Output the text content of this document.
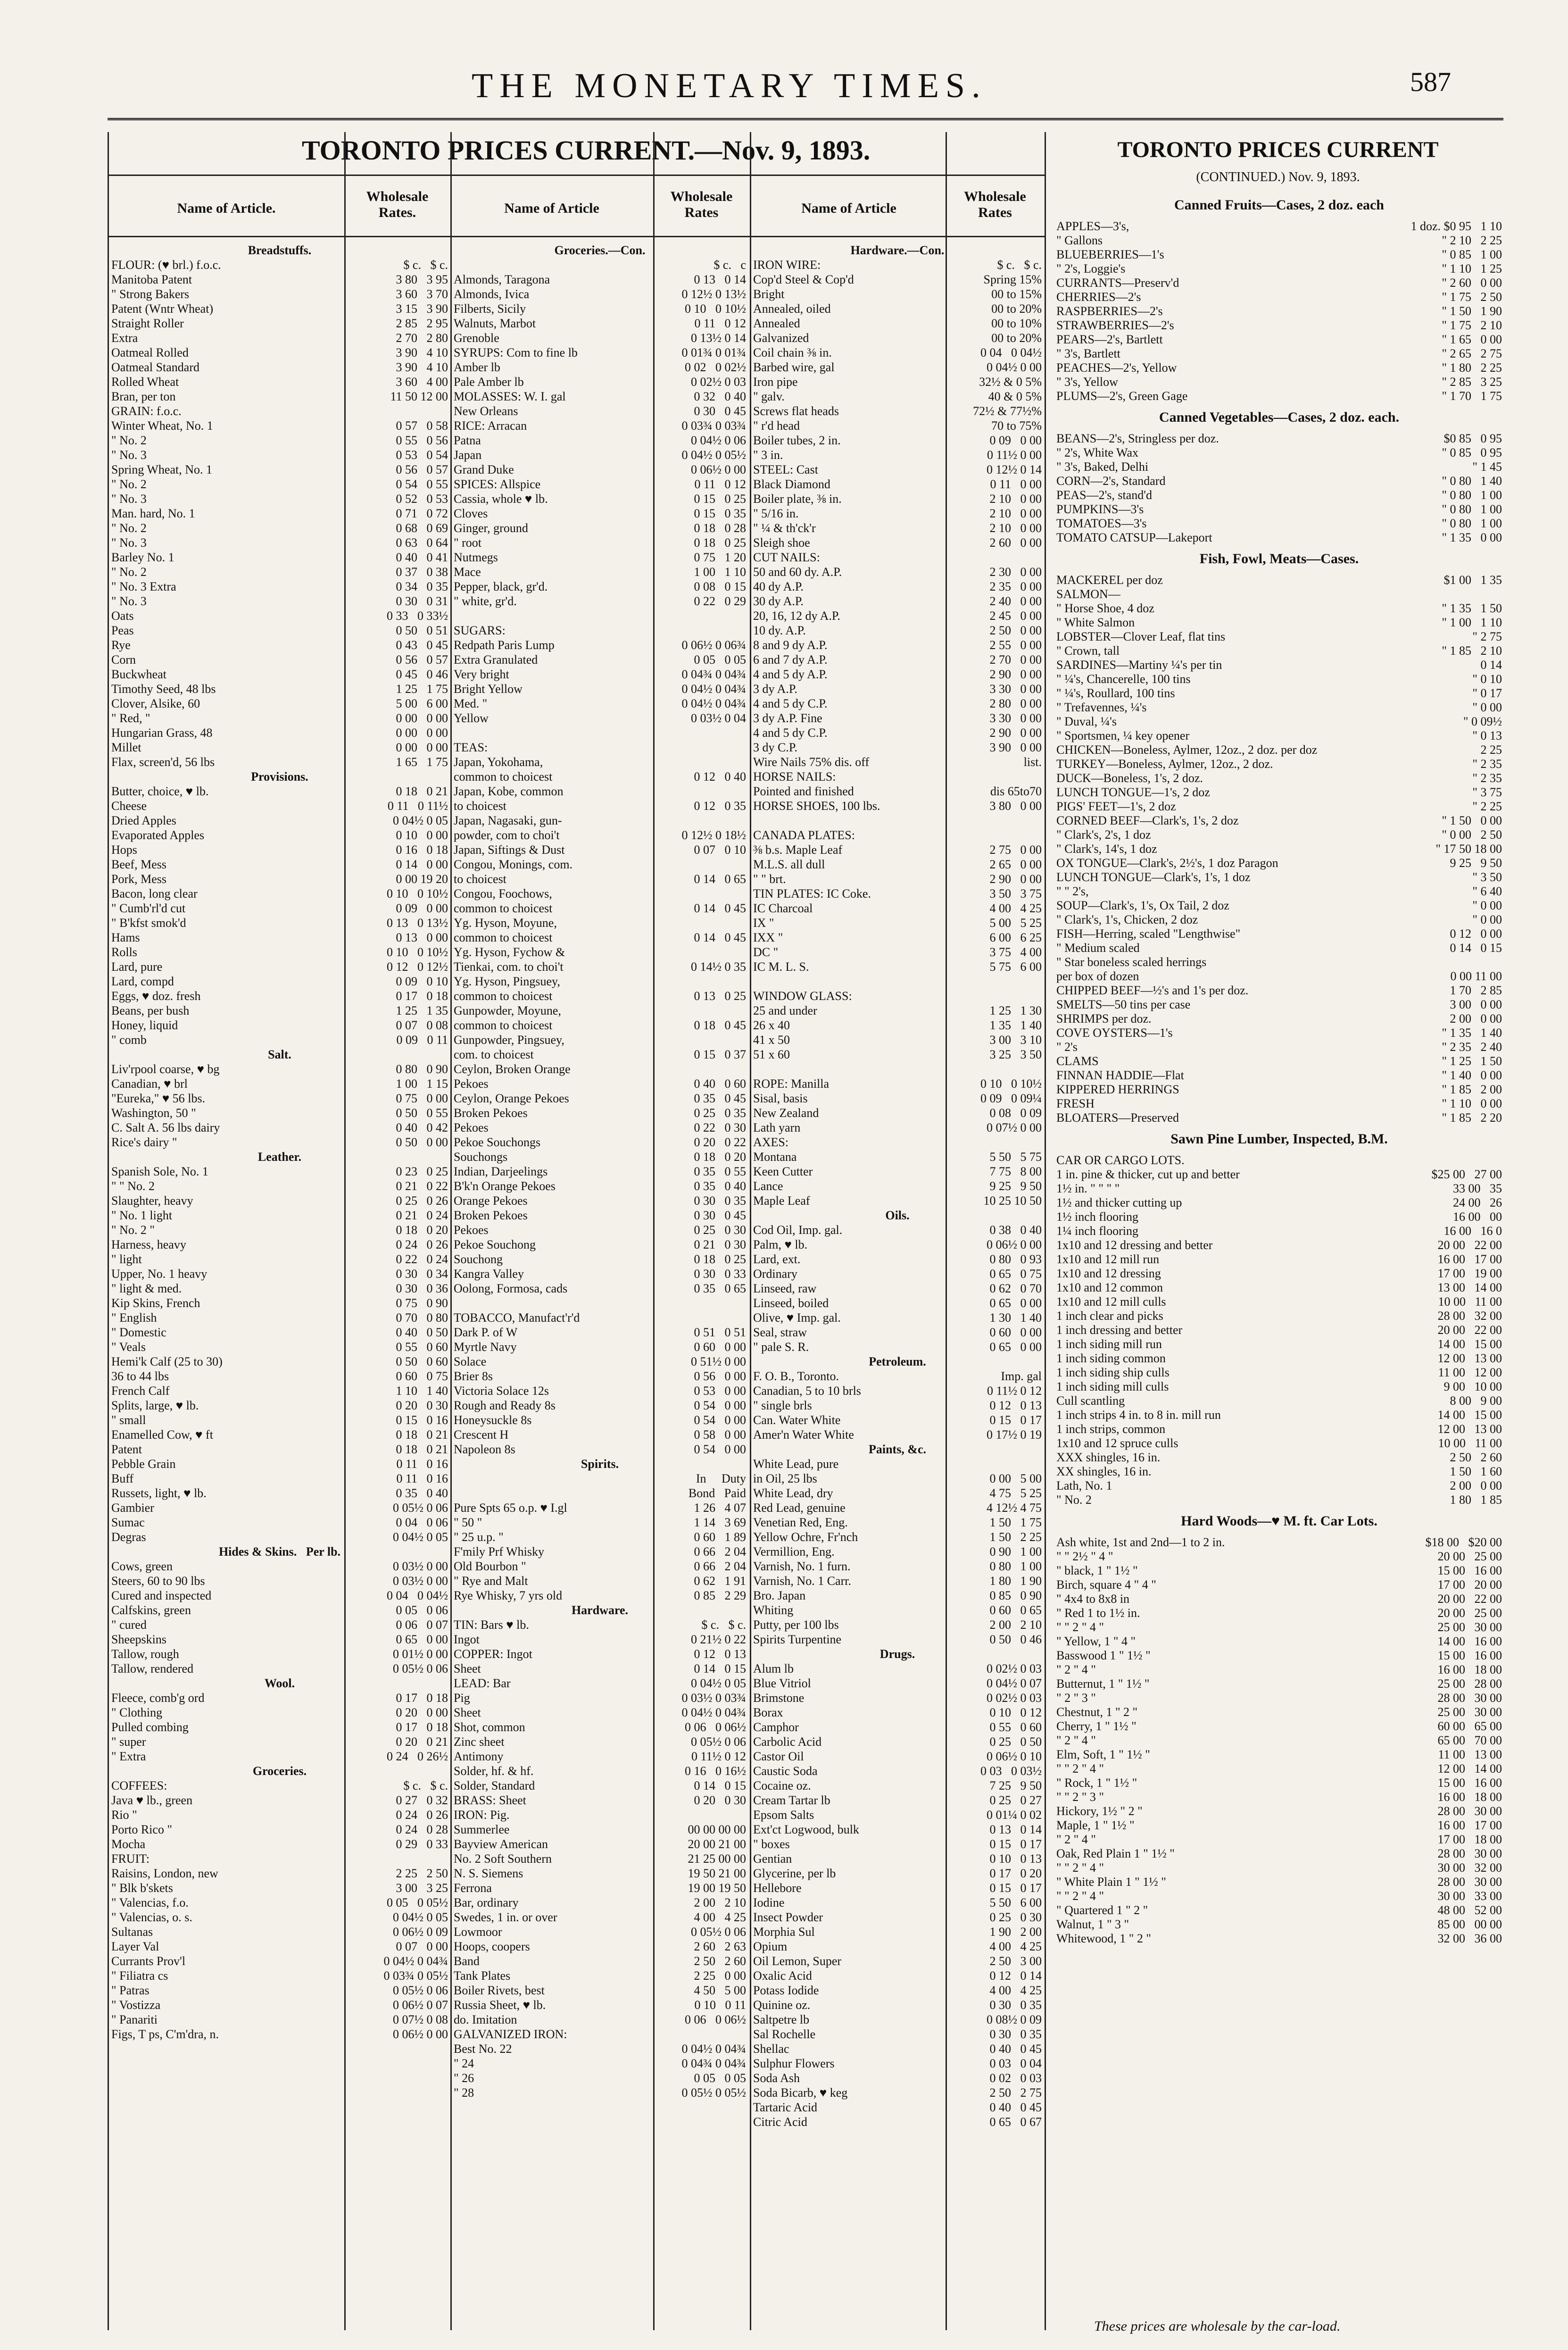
THE MONETARY TIMES.	587
TORONTO PRICES CURRENT.—Nov. 9, 1893.
Name of Article.
Wholesale Rates.	Name of Article
Wholesale Rates	Name of Article
Wholesale Rates
Breadstuffs.
FLOUR: (♥ brl.) f.o.c.	$ c.   $ c.
Manitoba Patent	3 80   3 95
" Strong Bakers	3 60   3 70
Patent (Wntr Wheat)	3 15   3 90
Straight Roller	2 85   2 95
Extra	2 70   2 80
Oatmeal Rolled	3 90   4 10
Oatmeal Standard	3 90   4 10
Rolled Wheat	3 60   4 00
Bran, per ton	11 50 12 00
GRAIN: f.o.c.
Winter Wheat, No. 1	0 57   0 58
" No. 2	0 55   0 56
" No. 3	0 53   0 54
Spring Wheat, No. 1	0 56   0 57
" No. 2	0 54   0 55
" No. 3	0 52   0 53
Man. hard, No. 1	0 71   0 72
" No. 2	0 68   0 69
" No. 3	0 63   0 64
Barley No. 1	0 40   0 41
" No. 2	0 37   0 38
" No. 3 Extra	0 34   0 35
" No. 3	0 30   0 31
Oats	0 33   0 33½
Peas	0 50   0 51
Rye	0 43   0 45
Corn	0 56   0 57
Buckwheat	0 45   0 46
Timothy Seed, 48 lbs	1 25   1 75
Clover, Alsike, 60	5 00   6 00
" Red, "	0 00   0 00
Hungarian Grass, 48	0 00   0 00
Millet	0 00   0 00
Flax, screen'd, 56 lbs	1 65   1 75
Provisions.
Butter, choice, ♥ lb.	0 18   0 21
Cheese	0 11   0 11½
Dried Apples	0 04½ 0 05
Evaporated Apples	0 10   0 00
Hops	0 16   0 18
Beef, Mess	0 14   0 00
Pork, Mess	0 00 19 20
Bacon, long clear	0 10   0 10½
" Cumb'rl'd cut	0 09   0 00
" B'kfst smok'd	0 13   0 13½
Hams	0 13   0 00
Rolls	0 10   0 10½
Lard, pure	0 12   0 12½
Lard, compd	0 09   0 10
Eggs, ♥ doz. fresh	0 17   0 18
Beans, per bush	1 25   1 35
Honey, liquid	0 07   0 08
" comb	0 09   0 11
Salt.
Liv'rpool coarse, ♥ bg	0 80   0 90
Canadian, ♥ brl	1 00   1 15
"Eureka," ♥ 56 lbs.	0 75   0 00
Washington, 50 "	0 50   0 55
C. Salt A. 56 lbs dairy	0 40   0 42
Rice's dairy "	0 50   0 00
Leather.
Spanish Sole, No. 1	0 23   0 25
" " No. 2	0 21   0 22
Slaughter, heavy	0 25   0 26
" No. 1 light	0 21   0 24
" No. 2 "	0 18   0 20
Harness, heavy	0 24   0 26
" light	0 22   0 24
Upper, No. 1 heavy	0 30   0 34
" light & med.	0 30   0 36
Kip Skins, French	0 75   0 90
" English	0 70   0 80
" Domestic	0 40   0 50
" Veals	0 55   0 60
Hemi'k Calf (25 to 30)	0 50   0 60
36 to 44 lbs	0 60   0 75
French Calf	1 10   1 40
Splits, large, ♥ lb.	0 20   0 30
" small	0 15   0 16
Enamelled Cow, ♥ ft	0 18   0 21
Patent	0 18   0 21
Pebble Grain	0 11   0 16
Buff	0 11   0 16
Russets, light, ♥ lb.	0 35   0 40
Gambier	0 05½ 0 06
Sumac	0 04   0 06
Degras	0 04½ 0 05
Hides & Skins.   Per lb.
Cows, green	0 03½ 0 00
Steers, 60 to 90 lbs	0 03½ 0 00
Cured and inspected	0 04   0 04½
Calfskins, green	0 05   0 06
" cured	0 06   0 07
Sheepskins	0 65   0 00
Tallow, rough	0 01½ 0 00
Tallow, rendered	0 05½ 0 06
Wool.
Fleece, comb'g ord	0 17   0 18
" Clothing	0 20   0 00
Pulled combing	0 17   0 18
" super	0 20   0 21
" Extra	0 24   0 26½
Groceries.
COFFEES:	$ c.   $ c.
Java ♥ lb., green	0 27   0 32
Rio "	0 24   0 26
Porto Rico "	0 24   0 28
Mocha	0 29   0 33
FRUIT:
Raisins, London, new	2 25   2 50
" Blk b'skets	3 00   3 25
" Valencias, f.o.	0 05   0 05½
" Valencias, o. s.	0 04½ 0 05
Sultanas	0 06½ 0 09
Layer Val	0 07   0 00
Currants Prov'l	0 04½ 0 04¾
" Filiatra cs	0 03¾ 0 05½
" Patras	0 05½ 0 06
" Vostizza	0 06½ 0 07
" Panariti	0 07½ 0 08
Figs, T ps, C'm'dra, n.	0 06½ 0 00
Groceries.—Con.
$ c.   c
Almonds, Taragona	0 13   0 14
Almonds, Ivica	0 12½ 0 13½
Filberts, Sicily	0 10   0 10½
Walnuts, Marbot	0 11   0 12
Grenoble	0 13½ 0 14
SYRUPS: Com to fine lb	0 01¾ 0 01¾
Amber lb	0 02   0 02½
Pale Amber lb	0 02½ 0 03
MOLASSES: W. I. gal	0 32   0 40
New Orleans	0 30   0 45
RICE: Arracan	0 03¾ 0 03¾
Patna	0 04½ 0 06
Japan	0 04½ 0 05½
Grand Duke	0 06½ 0 00
SPICES: Allspice	0 11   0 12
Cassia, whole ♥ lb.	0 15   0 25
Cloves	0 15   0 35
Ginger, ground	0 18   0 28
" root	0 18   0 25
Nutmegs	0 75   1 20
Mace	1 00   1 10
Pepper, black, gr'd.	0 08   0 15
" white, gr'd.	0 22   0 29
SUGARS:
Redpath Paris Lump	0 06½ 0 06¾
Extra Granulated	0 05   0 05
Very bright	0 04¾ 0 04¾
Bright Yellow	0 04½ 0 04¾
Med. "	0 04½ 0 04¾
Yellow	0 03½ 0 04
TEAS:
Japan, Yokohama,
common to choicest	0 12   0 40
Japan, Kobe, common
to choicest	0 12   0 35
Japan, Nagasaki, gun-
powder, com to choi't	0 12½ 0 18½
Japan, Siftings & Dust	0 07   0 10
Congou, Monings, com.
to choicest	0 14   0 65
Congou, Foochows,
common to choicest	0 14   0 45
Yg. Hyson, Moyune,
common to choicest	0 14   0 45
Yg. Hyson, Fychow &
Tienkai, com. to choi't	0 14½ 0 35
Yg. Hyson, Pingsuey,
common to choicest	0 13   0 25
Gunpowder, Moyune,
common to choicest	0 18   0 45
Gunpowder, Pingsuey,
com. to choicest	0 15   0 37
Ceylon, Broken Orange
Pekoes	0 40   0 60
Ceylon, Orange Pekoes	0 35   0 45
Broken Pekoes	0 25   0 35
Pekoes	0 22   0 30
Pekoe Souchongs	0 20   0 22
Souchongs	0 18   0 20
Indian, Darjeelings	0 35   0 55
B'k'n Orange Pekoes	0 35   0 40
Orange Pekoes	0 30   0 35
Broken Pekoes	0 30   0 45
Pekoes	0 25   0 30
Pekoe Souchong	0 21   0 30
Souchong	0 18   0 25
Kangra Valley	0 30   0 33
Oolong, Formosa, cads	0 35   0 65
TOBACCO, Manufact'r'd
Dark P. of W	0 51   0 51
Myrtle Navy	0 60   0 00
Solace	0 51½ 0 00
Brier 8s	0 56   0 00
Victoria Solace 12s	0 53   0 00
Rough and Ready 8s	0 54   0 00
Honeysuckle 8s	0 54   0 00
Crescent H	0 58   0 00
Napoleon 8s	0 54   0 00
Spirits.
In     Duty
Bond   Paid
Pure Spts 65 o.p. ♥ I.gl	1 26   4 07
" 50 "	1 14   3 69
" 25 u.p. "	0 60   1 89
F'mily Prf Whisky	0 66   2 04
Old Bourbon "	0 66   2 04
" Rye and Malt	0 62   1 91
Rye Whisky, 7 yrs old	0 85   2 29
Hardware.
TIN: Bars ♥ lb.	$ c.   $ c.
Ingot	0 21½ 0 22
COPPER: Ingot	0 12   0 13
Sheet	0 14   0 15
LEAD: Bar	0 04½ 0 05
Pig	0 03½ 0 03¾
Sheet	0 04½ 0 04¾
Shot, common	0 06   0 06½
Zinc sheet	0 05½ 0 06
Antimony	0 11½ 0 12
Solder, hf. & hf.	0 16   0 16½
Solder, Standard	0 14   0 15
BRASS: Sheet	0 20   0 30
IRON: Pig.
Summerlee	00 00 00 00
Bayview American	20 00 21 00
No. 2 Soft Southern	21 25 00 00
N. S. Siemens	19 50 21 00
Ferrona	19 00 19 50
Bar, ordinary	2 00   2 10
Swedes, 1 in. or over	4 00   4 25
Lowmoor	0 05½ 0 06
Hoops, coopers	2 60   2 63
Band	2 50   2 60
Tank Plates	2 25   0 00
Boiler Rivets, best	4 50   5 00
Russia Sheet, ♥ lb.	0 10   0 11
do. Imitation	0 06   0 06½
GALVANIZED IRON:
Best No. 22	0 04½ 0 04¾
" 24	0 04¾ 0 04¾
" 26	0 05   0 05
" 28	0 05½ 0 05½
Hardware.—Con.
IRON WIRE:	$ c.   $ c.
Cop'd Steel & Cop'd	Spring 15%
Bright	00 to 15%
Annealed, oiled	00 to 20%
Annealed	00 to 10%
Galvanized	00 to 20%
Coil chain ⅜ in.	0 04   0 04½
Barbed wire, gal	0 04½ 0 00
Iron pipe	32½ & 0 5%
" galv.	40 & 0 5%
Screws flat heads	72½ & 77½%
" r'd head	70 to 75%
Boiler tubes, 2 in.	0 09   0 00
" 3 in.	0 11½ 0 00
STEEL: Cast	0 12½ 0 14
Black Diamond	0 11   0 00
Boiler plate, ⅜ in.	2 10   0 00
" 5/16 in.	2 10   0 00
" ¼ & th'ck'r	2 10   0 00
Sleigh shoe	2 60   0 00
CUT NAILS:
50 and 60 dy. A.P.	2 30   0 00
40 dy A.P.	2 35   0 00
30 dy A.P.	2 40   0 00
20, 16, 12 dy A.P.	2 45   0 00
10 dy. A.P.	2 50   0 00
8 and 9 dy A.P.	2 55   0 00
6 and 7 dy A.P.	2 70   0 00
4 and 5 dy A.P.	2 90   0 00
3 dy A.P.	3 30   0 00
4 and 5 dy C.P.	2 80   0 00
3 dy A.P. Fine	3 30   0 00
4 and 5 dy C.P.	2 90   0 00
3 dy C.P.	3 90   0 00
Wire Nails 75% dis. off	list.
HORSE NAILS:
Pointed and finished	dis 65to70
HORSE SHOES, 100 lbs.	3 80   0 00
CANADA PLATES:
⅜ b.s. Maple Leaf	2 75   0 00
M.L.S. all dull	2 65   0 00
" " brt.	2 90   0 00
TIN PLATES: IC Coke.	3 50   3 75
IC Charcoal	4 00   4 25
IX "	5 00   5 25
IXX "	6 00   6 25
DC "	3 75   4 00
IC M. L. S.	5 75   6 00
WINDOW GLASS:
25 and under	1 25   1 30
26 x 40	1 35   1 40
41 x 50	3 00   3 10
51 x 60	3 25   3 50
ROPE: Manilla	0 10   0 10½
Sisal, basis	0 09   0 09¼
New Zealand	0 08   0 09
Lath yarn	0 07½ 0 00
AXES:
Montana	5 50   5 75
Keen Cutter	7 75   8 00
Lance	9 25   9 50
Maple Leaf	10 25 10 50
Oils.
Cod Oil, Imp. gal.	0 38   0 40
Palm, ♥ lb.	0 06½ 0 00
Lard, ext.	0 80   0 93
Ordinary	0 65   0 75
Linseed, raw	0 62   0 70
Linseed, boiled	0 65   0 00
Olive, ♥ Imp. gal.	1 30   1 40
Seal, straw	0 60   0 00
" pale S. R.	0 65   0 00
Petroleum.
F. O. B., Toronto.	Imp. gal
Canadian, 5 to 10 brls	0 11½ 0 12
" single brls	0 12   0 13
Can. Water White	0 15   0 17
Amer'n Water White	0 17½ 0 19
Paints, &c.
White Lead, pure
in Oil, 25 lbs	0 00   5 00
White Lead, dry	4 75   5 25
Red Lead, genuine	4 12½ 4 75
Venetian Red, Eng.	1 50   1 75
Yellow Ochre, Fr'nch	1 50   2 25
Vermillion, Eng.	0 90   1 00
Varnish, No. 1 furn.	0 80   1 00
Varnish, No. 1 Carr.	1 80   1 90
Bro. Japan	0 85   0 90
Whiting	0 60   0 65
Putty, per 100 lbs	2 00   2 10
Spirits Turpentine	0 50   0 46
Drugs.
Alum lb	0 02½ 0 03
Blue Vitriol	0 04½ 0 07
Brimstone	0 02½ 0 03
Borax	0 10   0 12
Camphor	0 55   0 60
Carbolic Acid	0 25   0 50
Castor Oil	0 06½ 0 10
Caustic Soda	0 03   0 03½
Cocaine oz.	7 25   9 50
Cream Tartar lb	0 25   0 27
Epsom Salts	0 01¼ 0 02
Ext'ct Logwood, bulk	0 13   0 14
" boxes	0 15   0 17
Gentian	0 10   0 13
Glycerine, per lb	0 17   0 20
Hellebore	0 15   0 17
Iodine	5 50   6 00
Insect Powder	0 25   0 30
Morphia Sul	1 90   2 00
Opium	4 00   4 25
Oil Lemon, Super	2 50   3 00
Oxalic Acid	0 12   0 14
Potass Iodide	4 00   4 25
Quinine oz.	0 30   0 35
Saltpetre lb	0 08½ 0 09
Sal Rochelle	0 30   0 35
Shellac	0 40   0 45
Sulphur Flowers	0 03   0 04
Soda Ash	0 02   0 03
Soda Bicarb, ♥ keg	2 50   2 75
Tartaric Acid	0 40   0 45
Citric Acid	0 65   0 67
TORONTO PRICES CURRENT
(CONTINUED.) Nov. 9, 1893.
Canned Fruits—Cases, 2 doz. each
APPLES—3's,	1 doz. $0 95   1 10
" Gallons	" 2 10   2 25
BLUEBERRIES—1's	" 0 85   1 00
" 2's, Loggie's	" 1 10   1 25
CURRANTS—Preserv'd	" 2 60   0 00
CHERRIES—2's	" 1 75   2 50
RASPBERRIES—2's	" 1 50   1 90
STRAWBERRIES—2's	" 1 75   2 10
PEARS—2's, Bartlett	" 1 65   0 00
" 3's, Bartlett	" 2 65   2 75
PEACHES—2's, Yellow	" 1 80   2 25
" 3's, Yellow	" 2 85   3 25
PLUMS—2's, Green Gage	" 1 70   1 75
Canned Vegetables—Cases, 2 doz. each.
BEANS—2's, Stringless per doz.	$0 85   0 95
" 2's, White Wax	" 0 85   0 95
" 3's, Baked, Delhi	" 1 45
CORN—2's, Standard	" 0 80   1 40
PEAS—2's, stand'd	" 0 80   1 00
PUMPKINS—3's	" 0 80   1 00
TOMATOES—3's	" 0 80   1 00
TOMATO CATSUP—Lakeport	" 1 35   0 00
Fish, Fowl, Meats—Cases.
MACKEREL per doz	$1 00   1 35
SALMON—
" Horse Shoe, 4 doz	" 1 35   1 50
" White Salmon	" 1 00   1 10
LOBSTER—Clover Leaf, flat tins	" 2 75
" Crown, tall	" 1 85   2 10
SARDINES—Martiny ¼'s per tin	0 14
" ¼'s, Chancerelle, 100 tins	" 0 10
" ¼'s, Roullard, 100 tins	" 0 17
" Trefavennes, ¼'s	" 0 00
" Duval, ¼'s	" 0 09½
" Sportsmen, ¼ key opener	" 0 13
CHICKEN—Boneless, Aylmer, 12oz., 2 doz. per doz	2 25
TURKEY—Boneless, Aylmer, 12oz., 2 doz.	" 2 35
DUCK—Boneless, 1's, 2 doz.	" 2 35
LUNCH TONGUE—1's, 2 doz	" 3 75
PIGS' FEET—1's, 2 doz	" 2 25
CORNED BEEF—Clark's, 1's, 2 doz	" 1 50   0 00
" Clark's, 2's, 1 doz	" 0 00   2 50
" Clark's, 14's, 1 doz	" 17 50 18 00
OX TONGUE—Clark's, 2½'s, 1 doz Paragon	9 25   9 50
LUNCH TONGUE—Clark's, 1's, 1 doz	" 3 50
" " 2's,	" 6 40
SOUP—Clark's, 1's, Ox Tail, 2 doz	" 0 00
" Clark's, 1's, Chicken, 2 doz	" 0 00
FISH—Herring, scaled "Lengthwise"	0 12   0 00
" Medium scaled	0 14   0 15
" Star boneless scaled herrings
per box of dozen	0 00 11 00
CHIPPED BEEF—½'s and 1's per doz.	1 70   2 85
SMELTS—50 tins per case	3 00   0 00
SHRIMPS per doz.	2 00   0 00
COVE OYSTERS—1's	" 1 35   1 40
" 2's	" 2 35   2 40
CLAMS	" 1 25   1 50
FINNAN HADDIE—Flat	" 1 40   0 00
KIPPERED HERRINGS	" 1 85   2 00
FRESH	" 1 10   0 00
BLOATERS—Preserved	" 1 85   2 20
Sawn Pine Lumber, Inspected, B.M.
CAR OR CARGO LOTS.
1 in. pine & thicker, cut up and better	$25 00   27 00
1½ in. " " " "	33 00   35
1½ and thicker cutting up	24 00   26
1½ inch flooring	16 00   00
1¼ inch flooring	16 00   16 0
1x10 and 12 dressing and better	20 00   22 00
1x10 and 12 mill run	16 00   17 00
1x10 and 12 dressing	17 00   19 00
1x10 and 12 common	13 00   14 00
1x10 and 12 mill culls	10 00   11 00
1 inch clear and picks	28 00   32 00
1 inch dressing and better	20 00   22 00
1 inch siding mill run	14 00   15 00
1 inch siding common	12 00   13 00
1 inch siding ship culls	11 00   12 00
1 inch siding mill culls	9 00   10 00
Cull scantling	8 00   9 00
1 inch strips 4 in. to 8 in. mill run	14 00   15 00
1 inch strips, common	12 00   13 00
1x10 and 12 spruce culls	10 00   11 00
XXX shingles, 16 in.	2 50   2 60
XX shingles, 16 in.	1 50   1 60
Lath, No. 1	2 00   0 00
" No. 2	1 80   1 85
Hard Woods—♥ M. ft. Car Lots.
Ash white, 1st and 2nd—1 to 2 in.	$18 00   $20 00
" " 2½ " 4 "	20 00   25 00
" black, 1 " 1½ "	15 00   16 00
Birch, square 4 " 4 "	17 00   20 00
" 4x4 to 8x8 in	20 00   22 00
" Red 1 to 1½ in.	20 00   25 00
" " 2 " 4 "	25 00   30 00
" Yellow, 1 " 4 "	14 00   16 00
Basswood 1 " 1½ "	15 00   16 00
" 2 " 4 "	16 00   18 00
Butternut, 1 " 1½ "	25 00   28 00
" 2 " 3 "	28 00   30 00
Chestnut, 1 " 2 "	25 00   30 00
Cherry, 1 " 1½ "	60 00   65 00
" 2 " 4 "	65 00   70 00
Elm, Soft, 1 " 1½ "	11 00   13 00
" " 2 " 4 "	12 00   14 00
" Rock, 1 " 1½ "	15 00   16 00
" " 2 " 3 "	16 00   18 00
Hickory, 1½ " 2 "	28 00   30 00
Maple, 1 " 1½ "	16 00   17 00
" 2 " 4 "	17 00   18 00
Oak, Red Plain 1 " 1½ "	28 00   30 00
" " 2 " 4 "	30 00   32 00
" White Plain 1 " 1½ "	28 00   30 00
" " 2 " 4 "	30 00   33 00
" Quartered 1 " 2 "	48 00   52 00
Walnut, 1 " 3 "	85 00   00 00
Whitewood, 1 " 2 "	32 00   36 00
These prices are wholesale by the car-load.
